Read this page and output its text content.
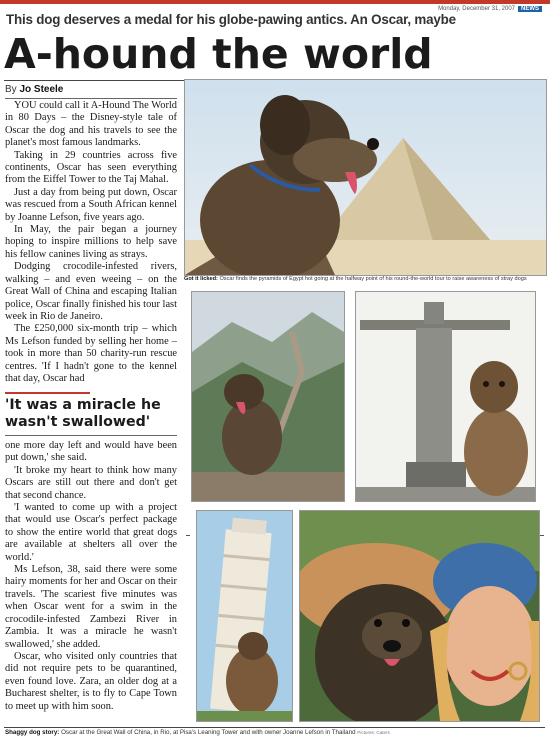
Monday, December 31, 2007 NEWS
This dog deserves a medal for his globe-pawing antics. An Oscar, maybe
A-hound the world
By Jo Steele

YOU could call it A-Hound The World in 80 Days – the Disney-style tale of Oscar the dog and his travels to see the planet's most famous landmarks.

Taking in 29 countries across five continents, Oscar has seen everything from the Eiffel Tower to the Taj Mahal.

Just a day from being put down, Oscar was rescued from a South African kennel by Joanne Lefson, five years ago.

In May, the pair began a journey hoping to inspire millions to help save his fellow canines living as strays.

Dodging crocodile-infested rivers, walking – and even weeing – on the Great Wall of China and escaping Italian police, Oscar finally finished his tour last week in Rio de Janeiro.

The £250,000 six-month trip – which Ms Lefson funded by selling her home – took in more than 50 charity-run rescue centres. 'If I hadn't gone to the kennel that day, Oscar had

'It was a miracle he wasn't swallowed'

one more day left and would have been put down,' she said.

'It broke my heart to think how many Oscars are still out there and don't get that second chance.

'I wanted to come up with a project that would use Oscar's perfect package to show the entire world that great dogs are available at shelters all over the world.'

Ms Lefson, 38, said there were some hairy moments for her and Oscar on their travels. 'The scariest five minutes was when Oscar went for a swim in the crocodile-infested Zambezi River in Zambia. It was a miracle he wasn't swallowed,' she added.

Oscar, who visited only countries that did not require pets to be quarantined, even found love. Zara, an older dog at a Bucharest shelter, is to fly to Cape Town to meet up with him soon.

Got it licked: Oscar finds the pyramids of Egypt hot going at the halfway point of his round-the-world tour to raise awareness of stray dogs
Shaggy dog story: Oscar at the Great Wall of China, in Rio, at Pisa's Leaning Tower and with owner Joanne Lefson in Thailand Pictures: Caters
